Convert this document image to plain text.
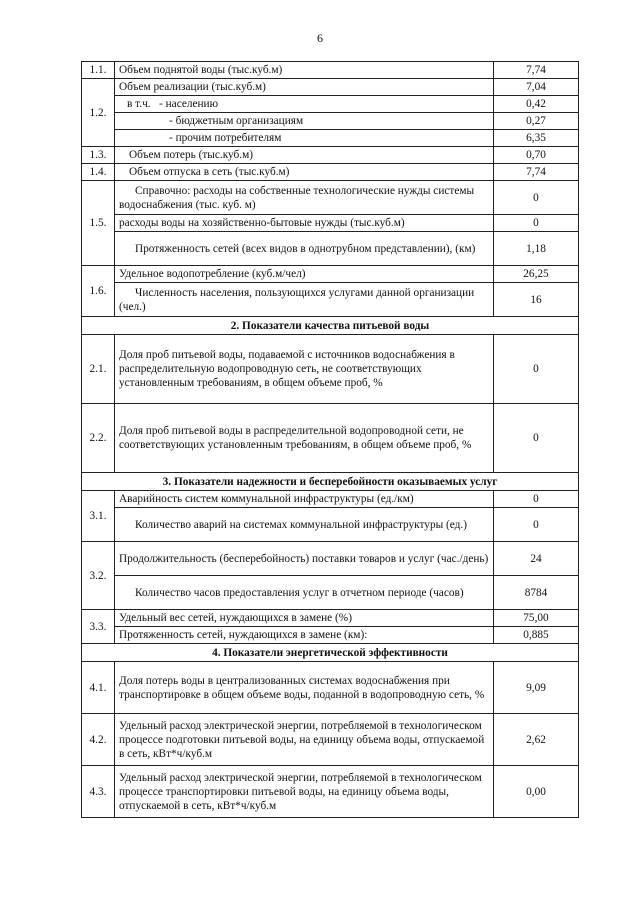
6
1.1.	Объем поднятой воды (тыс.куб.м)	7,74
1.2.	Объем реализации (тыс.куб.м)	7,04
	в т.ч.   - населению	0,42
	- бюджетным организациям	0,27
	- прочим потребителям	6,35
1.3.	Объем потерь (тыс.куб.м)	0,70
1.4.	Объем отпуска в сеть (тыс.куб.м)	7,74
1.5.	Справочно: расходы на собственные технологические нужды системы водоснабжения (тыс. куб. м)	0
	расходы воды на хозяйственно-бытовые нужды (тыс.куб.м)	0
	Протяженность сетей (всех видов в однотрубном представлении), (км)	1,18
1.6.	Удельное водопотребление (куб.м/чел)	26,25
	Численность населения, пользующихся услугами данной организации (чел.)	16
2. Показатели качества питьевой воды		
2.1.	Доля проб питьевой воды, подаваемой с источников водоснабжения в распределительную водопроводную сеть, не соответствующих установленным требованиям, в общем объеме проб, %	0
2.2.	Доля проб питьевой воды в распределительной водопроводной сети, не соответствующих установленным требованиям, в общем объеме проб, %	0
3. Показатели надежности и бесперебойности оказываемых услуг		
3.1.	Аварийность систем коммунальной инфраструктуры (ед./км)	0
	Количество аварий на системах коммунальной инфраструктуры (ед.)	0
3.2.	Продолжительность (бесперебойность) поставки товаров и услуг (час./день)	24
	Количество часов предоставления услуг в отчетном периоде (часов)	8784
3.3.	Удельный вес сетей, нуждающихся в замене (%)	75,00
	Протяженность сетей, нуждающихся в замене (км):	0,885
4. Показатели энергетической эффективности		
4.1.	Доля потерь воды в централизованных системах водоснабжения при транспортировке в общем объеме воды, поданной в водопроводную сеть, %	9,09
4.2.	Удельный расход электрической энергии, потребляемой в технологическом процессе подготовки питьевой воды, на единицу объема воды, отпускаемой в сеть, кВт*ч/куб.м	2,62
4.3.	Удельный расход электрической энергии, потребляемой в технологическом процессе транспортировки питьевой воды, на единицу объема воды, отпускаемой в сеть, кВт*ч/куб.м	0,00
